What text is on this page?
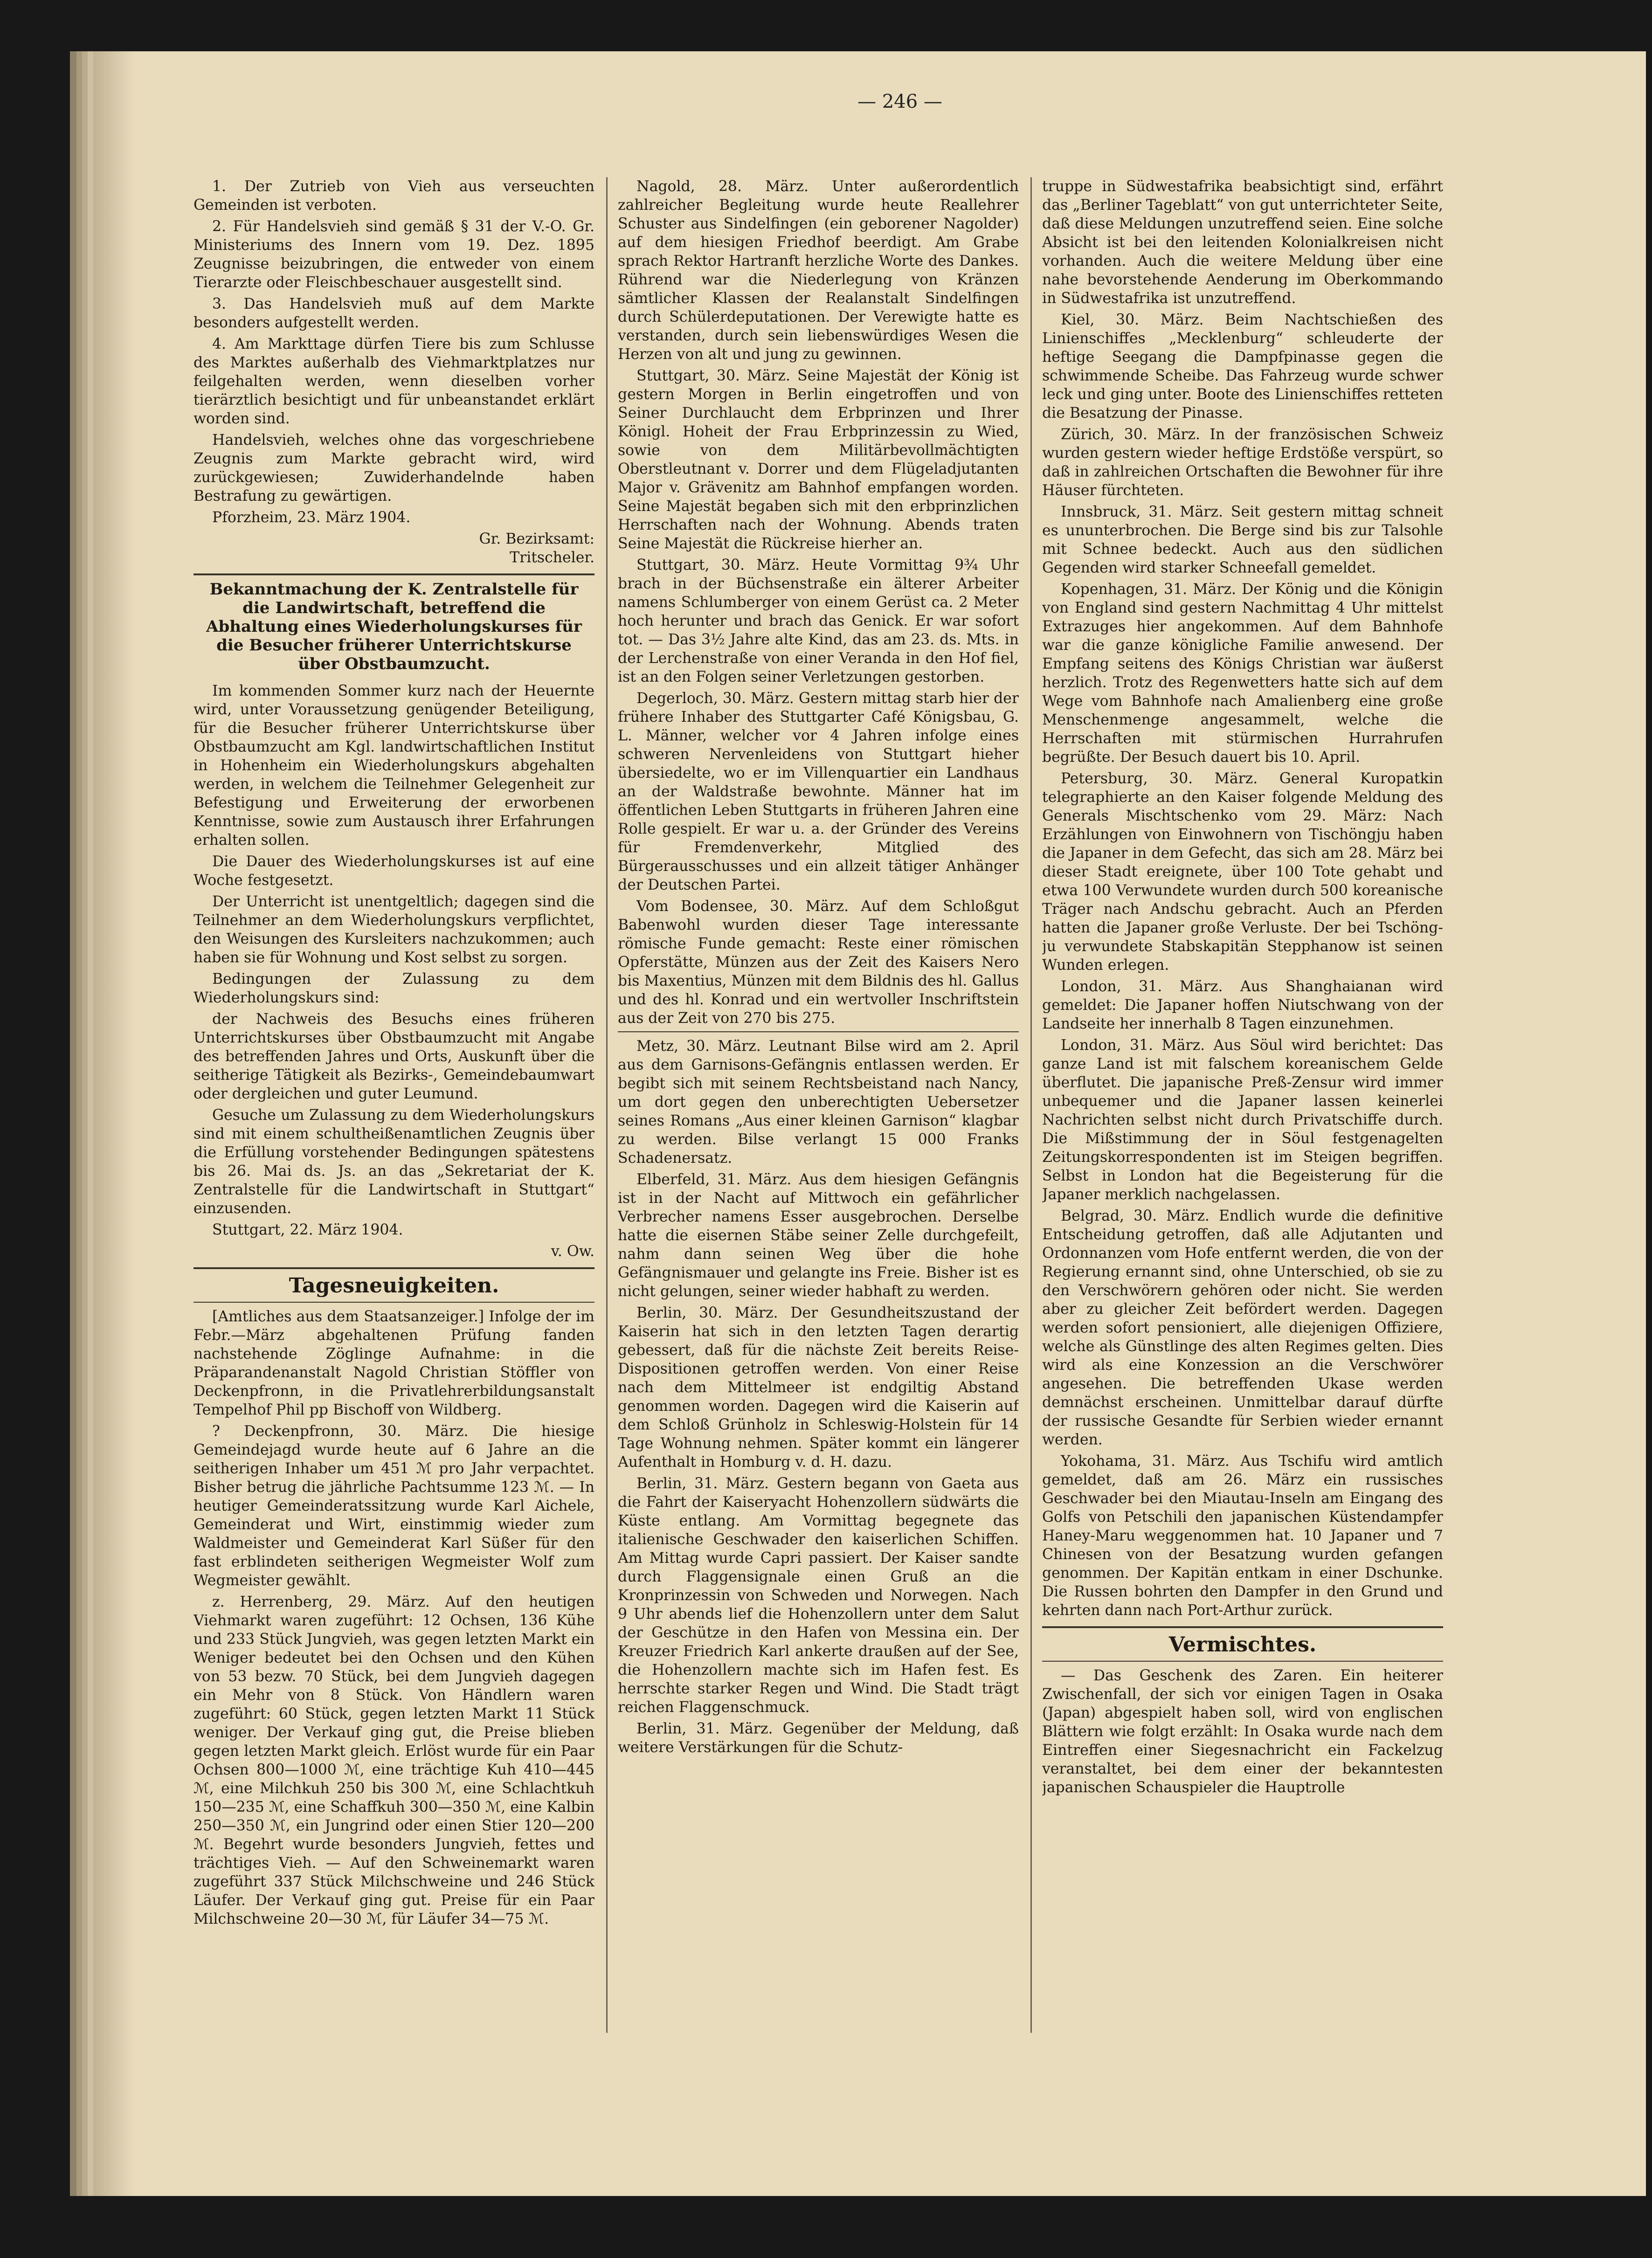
— 246 —

1. Der Zutrieb von Vieh aus verseuchten Gemeinden ist verboten.

2. Für Handelsvieh sind gemäß § 31 der V.-O. Gr. Ministeriums des Innern vom 19. Dez. 1895 Zeugnisse beizubringen, die entweder von einem Tierarzte oder Fleischbeschauer ausgestellt sind.

3. Das Handelsvieh muß auf dem Markte besonders aufgestellt werden.

4. Am Markttage dürfen Tiere bis zum Schlusse des Marktes außerhalb des Viehmarktplatzes nur feilgehalten werden, wenn dieselben vorher tierärztlich besichtigt und für unbeanstandet erklärt worden sind.

Handelsvieh, welches ohne das vorgeschriebene Zeugnis zum Markte gebracht wird, wird zurückgewiesen; Zuwiderhandelnde haben Bestrafung zu gewärtigen.

Pforzheim, 23. März 1904.

Gr. Bezirksamt:

Tritscheler.

Bekanntmachung der K. Zentralstelle für die Landwirtschaft, betreffend die Abhaltung eines Wiederholungskurses für die Besucher früherer Unterrichtskurse über Obstbaumzucht.

Im kommenden Sommer kurz nach der Heuernte wird, unter Voraussetzung genügender Beteiligung, für die Besucher früherer Unterrichtskurse über Obstbaumzucht am Kgl. landwirtschaftlichen Institut in Hohenheim ein Wiederholungskurs abgehalten werden, in welchem die Teilnehmer Gelegenheit zur Befestigung und Erweiterung der erworbenen Kenntnisse, sowie zum Austausch ihrer Erfahrungen erhalten sollen.

Die Dauer des Wiederholungskurses ist auf eine Woche festgesetzt.

Der Unterricht ist unentgeltlich; dagegen sind die Teilnehmer an dem Wiederholungskurs verpflichtet, den Weisungen des Kursleiters nachzukommen; auch haben sie für Wohnung und Kost selbst zu sorgen.

Bedingungen der Zulassung zu dem Wiederholungskurs sind:

der Nachweis des Besuchs eines früheren Unterrichtskurses über Obstbaumzucht mit Angabe des betreffenden Jahres und Orts, Auskunft über die seitherige Tätigkeit als Bezirks-, Gemeindebaumwart oder dergleichen und guter Leumund.

Gesuche um Zulassung zu dem Wiederholungskurs sind mit einem schultheißenamtlichen Zeugnis über die Erfüllung vorstehender Bedingungen spätestens bis 26. Mai ds. Js. an das „Sekretariat der K. Zentralstelle für die Landwirtschaft in Stuttgart“ einzusenden.

Stuttgart, 22. März 1904.

v. Ow.

Tagesneuigkeiten.

[Amtliches aus dem Staatsanzeiger.] Infolge der im Febr.—März abgehaltenen Prüfung fanden nachstehende Zöglinge Aufnahme: in die Präparandenanstalt Nagold Christian Stöffler von Deckenpfronn, in die Privatlehrerbildungsanstalt Tempelhof Phil pp Bischoff von Wildberg.

? Deckenpfronn, 30. März. Die hiesige Gemeindejagd wurde heute auf 6 Jahre an die seitherigen Inhaber um 451 ℳ pro Jahr verpachtet. Bisher betrug die jährliche Pachtsumme 123 ℳ. — In heutiger Gemeinderatssitzung wurde Karl Aichele, Gemeinderat und Wirt, einstimmig wieder zum Waldmeister und Gemeinderat Karl Süßer für den fast erblindeten seitherigen Wegmeister Wolf zum Wegmeister gewählt.

z. Herrenberg, 29. März. Auf den heutigen Viehmarkt waren zugeführt: 12 Ochsen, 136 Kühe und 233 Stück Jungvieh, was gegen letzten Markt ein Weniger bedeutet bei den Ochsen und den Kühen von 53 bezw. 70 Stück, bei dem Jungvieh dagegen ein Mehr von 8 Stück. Von Händlern waren zugeführt: 60 Stück, gegen letzten Markt 11 Stück weniger. Der Verkauf ging gut, die Preise blieben gegen letzten Markt gleich. Erlöst wurde für ein Paar Ochsen 800—1000 ℳ, eine trächtige Kuh 410—445 ℳ, eine Milchkuh 250 bis 300 ℳ, eine Schlachtkuh 150—235 ℳ, eine Schaffkuh 300—350 ℳ, eine Kalbin 250—350 ℳ, ein Jungrind oder einen Stier 120—200 ℳ. Begehrt wurde besonders Jungvieh, fettes und trächtiges Vieh. — Auf den Schweinemarkt waren zugeführt 337 Stück Milchschweine und 246 Stück Läufer. Der Verkauf ging gut. Preise für ein Paar Milchschweine 20—30 ℳ, für Läufer 34—75 ℳ.

Nagold, 28. März. Unter außerordentlich zahlreicher Begleitung wurde heute Reallehrer Schuster aus Sindelfingen (ein geborener Nagolder) auf dem hiesigen Friedhof beerdigt. Am Grabe sprach Rektor Hartranft herzliche Worte des Dankes. Rührend war die Niederlegung von Kränzen sämtlicher Klassen der Realanstalt Sindelfingen durch Schülerdeputationen. Der Verewigte hatte es verstanden, durch sein liebenswürdiges Wesen die Herzen von alt und jung zu gewinnen.

Stuttgart, 30. März. Seine Majestät der König ist gestern Morgen in Berlin eingetroffen und von Seiner Durchlaucht dem Erbprinzen und Ihrer Königl. Hoheit der Frau Erbprinzessin zu Wied, sowie von dem Militärbevollmächtigten Oberstleutnant v. Dorrer und dem Flügeladjutanten Major v. Grävenitz am Bahnhof empfangen worden. Seine Majestät begaben sich mit den erbprinzlichen Herrschaften nach der Wohnung. Abends traten Seine Majestät die Rückreise hierher an.

Stuttgart, 30. März. Heute Vormittag 9¾ Uhr brach in der Büchsenstraße ein älterer Arbeiter namens Schlumberger von einem Gerüst ca. 2 Meter hoch herunter und brach das Genick. Er war sofort tot. — Das 3½ Jahre alte Kind, das am 23. ds. Mts. in der Lerchenstraße von einer Veranda in den Hof fiel, ist an den Folgen seiner Verletzungen gestorben.

Degerloch, 30. März. Gestern mittag starb hier der frühere Inhaber des Stuttgarter Café Königsbau, G. L. Männer, welcher vor 4 Jahren infolge eines schweren Nervenleidens von Stuttgart hieher übersiedelte, wo er im Villenquartier ein Landhaus an der Waldstraße bewohnte. Männer hat im öffentlichen Leben Stuttgarts in früheren Jahren eine Rolle gespielt. Er war u. a. der Gründer des Vereins für Fremdenverkehr, Mitglied des Bürgerausschusses und ein allzeit tätiger Anhänger der Deutschen Partei.

Vom Bodensee, 30. März. Auf dem Schloßgut Babenwohl wurden dieser Tage interessante römische Funde gemacht: Reste einer römischen Opferstätte, Münzen aus der Zeit des Kaisers Nero bis Maxentius, Münzen mit dem Bildnis des hl. Gallus und des hl. Konrad und ein wertvoller Inschriftstein aus der Zeit von 270 bis 275.

Metz, 30. März. Leutnant Bilse wird am 2. April aus dem Garnisons-Gefängnis entlassen werden. Er begibt sich mit seinem Rechtsbeistand nach Nancy, um dort gegen den unberechtigten Uebersetzer seines Romans „Aus einer kleinen Garnison“ klagbar zu werden. Bilse verlangt 15 000 Franks Schadenersatz.

Elberfeld, 31. März. Aus dem hiesigen Gefängnis ist in der Nacht auf Mittwoch ein gefährlicher Verbrecher namens Esser ausgebrochen. Derselbe hatte die eisernen Stäbe seiner Zelle durchgefeilt, nahm dann seinen Weg über die hohe Gefängnismauer und gelangte ins Freie. Bisher ist es nicht gelungen, seiner wieder habhaft zu werden.

Berlin, 30. März. Der Gesundheitszustand der Kaiserin hat sich in den letzten Tagen derartig gebessert, daß für die nächste Zeit bereits Reise-Dispositionen getroffen werden. Von einer Reise nach dem Mittelmeer ist endgiltig Abstand genommen worden. Dagegen wird die Kaiserin auf dem Schloß Grünholz in Schleswig-Holstein für 14 Tage Wohnung nehmen. Später kommt ein längerer Aufenthalt in Homburg v. d. H. dazu.

Berlin, 31. März. Gestern begann von Gaeta aus die Fahrt der Kaiseryacht Hohenzollern südwärts die Küste entlang. Am Vormittag begegnete das italienische Geschwader den kaiserlichen Schiffen. Am Mittag wurde Capri passiert. Der Kaiser sandte durch Flaggensignale einen Gruß an die Kronprinzessin von Schweden und Norwegen. Nach 9 Uhr abends lief die Hohenzollern unter dem Salut der Geschütze in den Hafen von Messina ein. Der Kreuzer Friedrich Karl ankerte draußen auf der See, die Hohenzollern machte sich im Hafen fest. Es herrschte starker Regen und Wind. Die Stadt trägt reichen Flaggenschmuck.

Berlin, 31. März. Gegenüber der Meldung, daß weitere Verstärkungen für die Schutz-

truppe in Südwestafrika beabsichtigt sind, erfährt das „Berliner Tageblatt“ von gut unterrichteter Seite, daß diese Meldungen unzutreffend seien. Eine solche Absicht ist bei den leitenden Kolonialkreisen nicht vorhanden. Auch die weitere Meldung über eine nahe bevorstehende Aenderung im Oberkommando in Südwestafrika ist unzutreffend.

Kiel, 30. März. Beim Nachtschießen des Linienschiffes „Mecklenburg“ schleuderte der heftige Seegang die Dampfpinasse gegen die schwimmende Scheibe. Das Fahrzeug wurde schwer leck und ging unter. Boote des Linienschiffes retteten die Besatzung der Pinasse.

Zürich, 30. März. In der französischen Schweiz wurden gestern wieder heftige Erdstöße verspürt, so daß in zahlreichen Ortschaften die Bewohner für ihre Häuser fürchteten.

Innsbruck, 31. März. Seit gestern mittag schneit es ununterbrochen. Die Berge sind bis zur Talsohle mit Schnee bedeckt. Auch aus den südlichen Gegenden wird starker Schneefall gemeldet.

Kopenhagen, 31. März. Der König und die Königin von England sind gestern Nachmittag 4 Uhr mittelst Extrazuges hier angekommen. Auf dem Bahnhofe war die ganze königliche Familie anwesend. Der Empfang seitens des Königs Christian war äußerst herzlich. Trotz des Regenwetters hatte sich auf dem Wege vom Bahnhofe nach Amalienberg eine große Menschenmenge angesammelt, welche die Herrschaften mit stürmischen Hurrahrufen begrüßte. Der Besuch dauert bis 10. April.

Petersburg, 30. März. General Kuropatkin telegraphierte an den Kaiser folgende Meldung des Generals Mischtschenko vom 29. März: Nach Erzählungen von Einwohnern von Tischöngju haben die Japaner in dem Gefecht, das sich am 28. März bei dieser Stadt ereignete, über 100 Tote gehabt und etwa 100 Verwundete wurden durch 500 koreanische Träger nach Andschu gebracht. Auch an Pferden hatten die Japaner große Verluste. Der bei Tschöng-ju verwundete Stabskapitän Stepphanow ist seinen Wunden erlegen.

London, 31. März. Aus Shanghaianan wird gemeldet: Die Japaner hoffen Niutschwang von der Landseite her innerhalb 8 Tagen einzunehmen.

London, 31. März. Aus Söul wird berichtet: Das ganze Land ist mit falschem koreanischem Gelde überflutet. Die japanische Preß-Zensur wird immer unbequemer und die Japaner lassen keinerlei Nachrichten selbst nicht durch Privatschiffe durch. Die Mißstimmung der in Söul festgenagelten Zeitungskorrespondenten ist im Steigen begriffen. Selbst in London hat die Begeisterung für die Japaner merklich nachgelassen.

Belgrad, 30. März. Endlich wurde die definitive Entscheidung getroffen, daß alle Adjutanten und Ordonnanzen vom Hofe entfernt werden, die von der Regierung ernannt sind, ohne Unterschied, ob sie zu den Verschwörern gehören oder nicht. Sie werden aber zu gleicher Zeit befördert werden. Dagegen werden sofort pensioniert, alle diejenigen Offiziere, welche als Günstlinge des alten Regimes gelten. Dies wird als eine Konzession an die Verschwörer angesehen. Die betreffenden Ukase werden demnächst erscheinen. Unmittelbar darauf dürfte der russische Gesandte für Serbien wieder ernannt werden.

Yokohama, 31. März. Aus Tschifu wird amtlich gemeldet, daß am 26. März ein russisches Geschwader bei den Miautau-Inseln am Eingang des Golfs von Petschili den japanischen Küstendampfer Haney-Maru weggenommen hat. 10 Japaner und 7 Chinesen von der Besatzung wurden gefangen genommen. Der Kapitän entkam in einer Dschunke. Die Russen bohrten den Dampfer in den Grund und kehrten dann nach Port-Arthur zurück.

Vermischtes.

— Das Geschenk des Zaren. Ein heiterer Zwischenfall, der sich vor einigen Tagen in Osaka (Japan) abgespielt haben soll, wird von englischen Blättern wie folgt erzählt: In Osaka wurde nach dem Eintreffen einer Siegesnachricht ein Fackelzug veranstaltet, bei dem einer der bekanntesten japanischen Schauspieler die Hauptrolle
